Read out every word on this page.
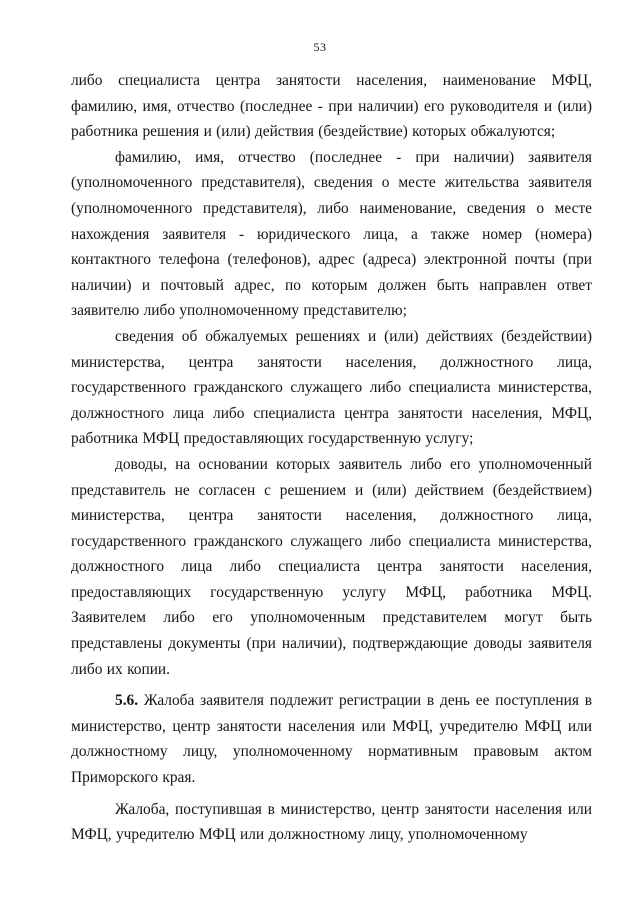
53

либо специалиста центра занятости населения, наименование МФЦ, фамилию, имя, отчество (последнее - при наличии) его руководителя и (или) работника решения и (или) действия (бездействие) которых обжалуются;

фамилию, имя, отчество (последнее - при наличии) заявителя (уполномоченного представителя), сведения о месте жительства заявителя (уполномоченного представителя), либо наименование, сведения о месте нахождения заявителя - юридического лица, а также номер (номера) контактного телефона (телефонов), адрес (адреса) электронной почты (при наличии) и почтовый адрес, по которым должен быть направлен ответ заявителю либо уполномоченному представителю;

сведения об обжалуемых решениях и (или) действиях (бездействии) министерства, центра занятости населения, должностного лица, государственного гражданского служащего либо специалиста министерства, должностного лица либо специалиста центра занятости населения, МФЦ, работника МФЦ предоставляющих государственную услугу;

доводы, на основании которых заявитель либо его уполномоченный представитель не согласен с решением и (или) действием (бездействием) министерства, центра занятости населения, должностного лица, государственного гражданского служащего либо специалиста министерства, должностного лица либо специалиста центра занятости населения, предоставляющих государственную услугу МФЦ, работника МФЦ. Заявителем либо его уполномоченным представителем могут быть представлены документы (при наличии), подтверждающие доводы заявителя либо их копии.

5.6. Жалоба заявителя подлежит регистрации в день ее поступления в министерство, центр занятости населения или МФЦ, учредителю МФЦ или должностному лицу, уполномоченному нормативным правовым актом Приморского края.

Жалоба, поступившая в министерство, центр занятости населения или МФЦ, учредителю МФЦ или должностному лицу, уполномоченному
